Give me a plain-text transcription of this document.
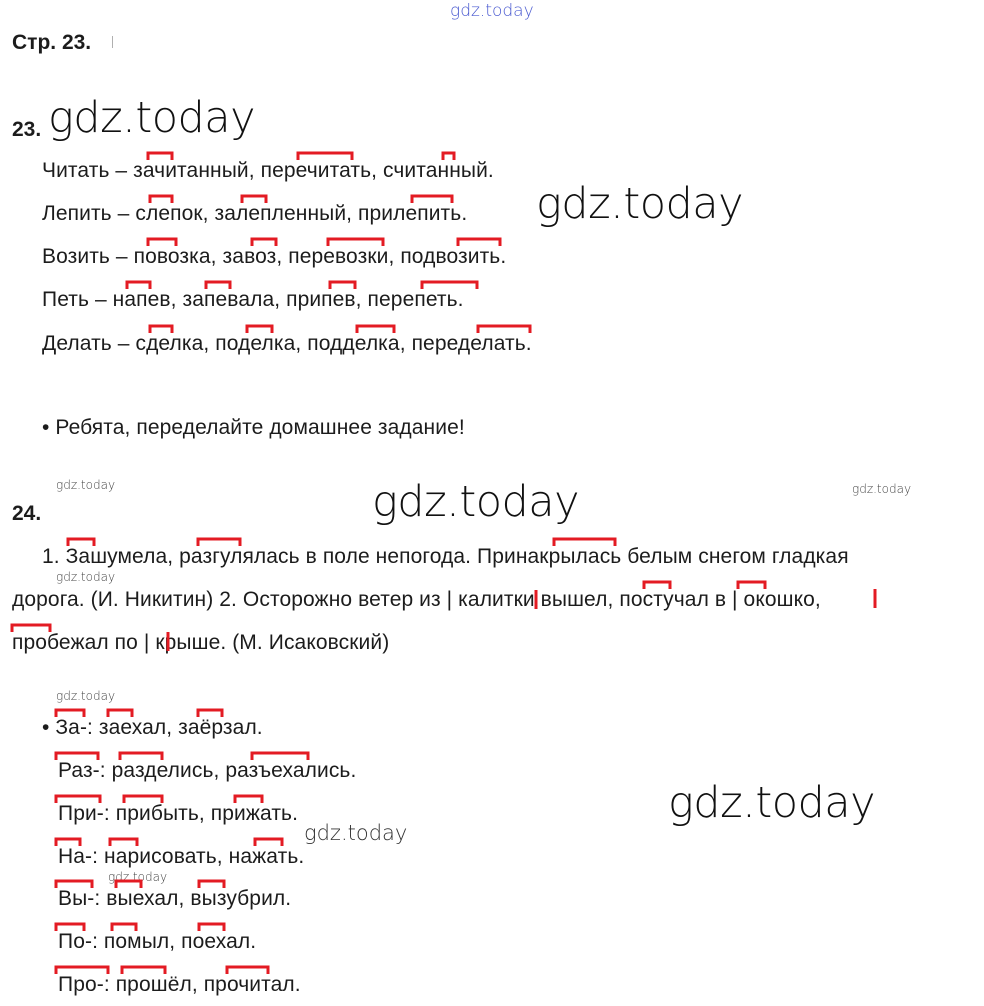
gdz.today
gdz.today
gdz.today
gdz.today
gdz.today
gdz.today	gdz.today
gdz.today
gdz.today
gdz.today
gdz.today
Стр. 23.
23.
Читать – зачитанный, перечитать, считанный.
Лепить – слепок, залепленный, прилепить.
Возить – повозка, завоз, перевозки, подвозить.
Петь – напев, запевала, припев, перепеть.
Делать – сделка, поделка, подделка, переделать.
• Ребята, переделайте домашнее задание!
24.
1. Зашумела, разгулялась в поле непогода. Принакрылась белым снегом гладкая
дорога. (И. Никитин) 2. Осторожно ветер из | калитки вышел, постучал в | окошко,
пробежал по | крыше. (М. Исаковский)
• За-: заехал, заёрзал.
Раз-: разделись, разъехались.
При-: прибыть, прижать.
На-: нарисовать, нажать.
Вы-: выехал, вызубрил.
По-: помыл, поехал.
Про-: прошёл, прочитал.
